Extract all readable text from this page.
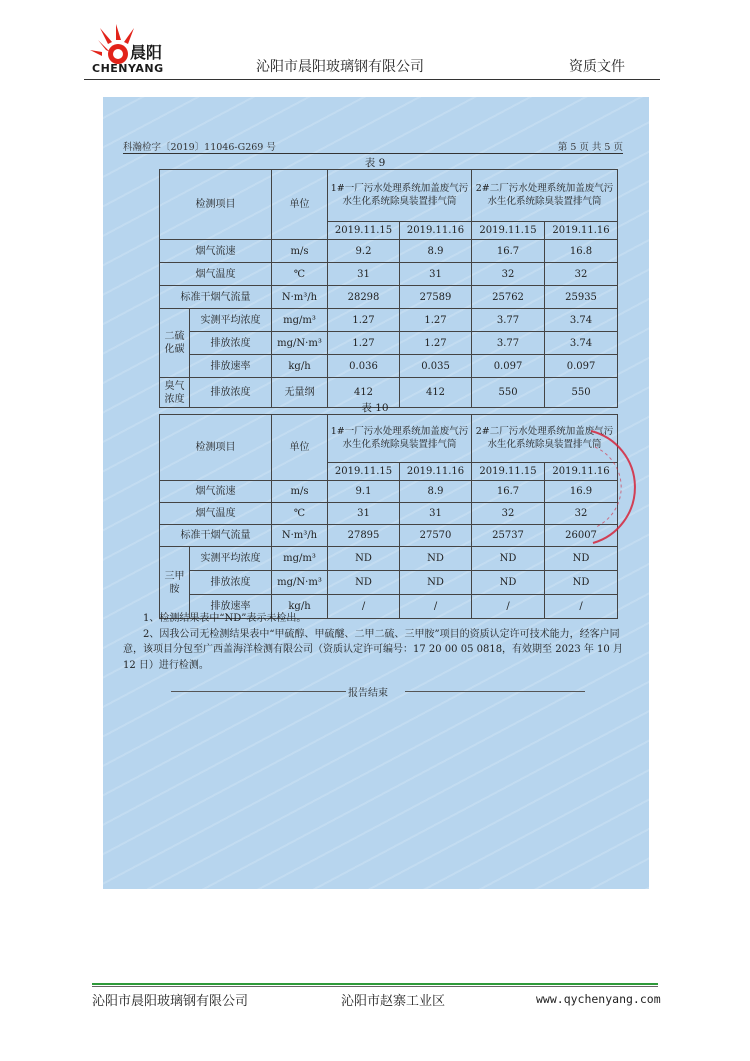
晨阳
CHENYANG	沁阳市晨阳玻璃钢有限公司	资质文件
科瀚检字〔2019〕11046-G269 号	第 5 页 共 5 页
表 9
检测项目		单位	1#一厂污水处理系统加盖废气污水生化系统除臭装置排气筒		2#二厂污水处理系统加盖废气污水生化系统除臭装置排气筒	
			2019.11.15	2019.11.16	2019.11.15	2019.11.16
烟气流速		m/s	9.2	8.9	16.7	16.8
烟气温度		℃	31	31	32	32
标准干烟气流量		N·m³/h	28298	27589	25762	25935
二硫化碳	实测平均浓度	mg/m³	1.27	1.27	3.77	3.74
	排放浓度	mg/N·m³	1.27	1.27	3.77	3.74
	排放速率	kg/h	0.036	0.035	0.097	0.097
臭气浓度	排放浓度	无量纲	412	412	550	550
表 10
检测项目		单位	1#一厂污水处理系统加盖废气污水生化系统除臭装置排气筒		2#二厂污水处理系统加盖废气污水生化系统除臭装置排气筒	
			2019.11.15	2019.11.16	2019.11.15	2019.11.16
烟气流速		m/s	9.1	8.9	16.7	16.9
烟气温度		℃	31	31	32	32
标准干烟气流量		N·m³/h	27895	27570	25737	26007
三甲胺	实测平均浓度	mg/m³	ND	ND	ND	ND
	排放浓度	mg/N·m³	ND	ND	ND	ND
	排放速率	kg/h	/	/	/	/
1、检测结果表中“ND”表示未检出。
2、因我公司无检测结果表中“甲硫醇、甲硫醚、二甲二硫、三甲胺”项目的资质认定许可技术能力，经客户同意，该项目分包至广西盖海洋检测有限公司（资质认定许可编号：17 20 00 05 0818，有效期至 2023 年 10 月 12 日）进行检测。
报告结束
沁阳市晨阳玻璃钢有限公司	沁阳市赵寨工业区	www.qychenyang.com
